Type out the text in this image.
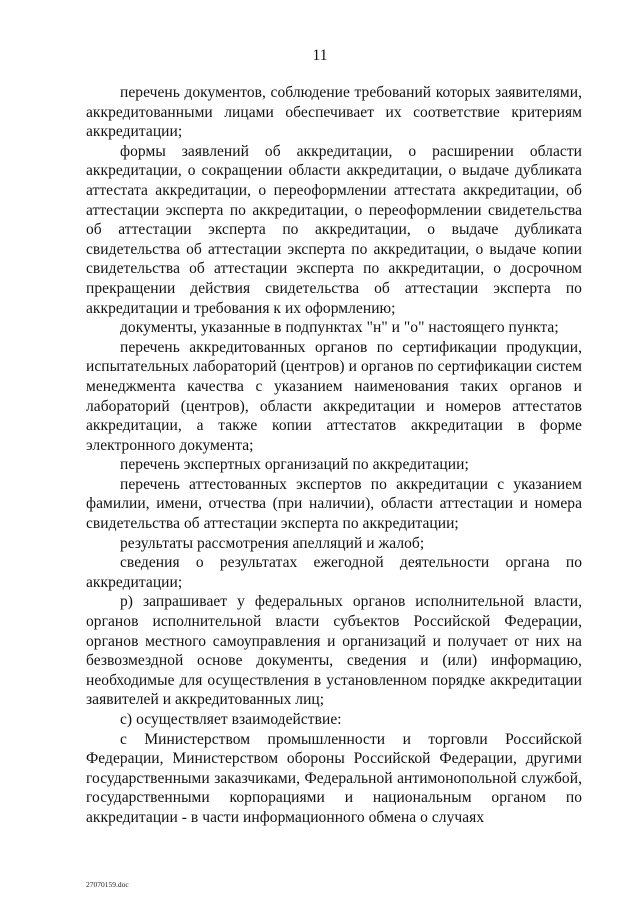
11

перечень документов, соблюдение требований которых заявителями, аккредитованными лицами обеспечивает их соответствие критериям аккредитации;

формы заявлений об аккредитации, о расширении области аккредитации, о сокращении области аккредитации, о выдаче дубликата аттестата аккредитации, о переоформлении аттестата аккредитации, об аттестации эксперта по аккредитации, о переоформлении свидетельства об аттестации эксперта по аккредитации, о выдаче дубликата свидетельства об аттестации эксперта по аккредитации, о выдаче копии свидетельства об аттестации эксперта по аккредитации, о досрочном прекращении действия свидетельства об аттестации эксперта по аккредитации и требования к их оформлению;

документы, указанные в подпунктах "н" и "о" настоящего пункта;

перечень аккредитованных органов по сертификации продукции, испытательных лабораторий (центров) и органов по сертификации систем менеджмента качества с указанием наименования таких органов и лабораторий (центров), области аккредитации и номеров аттестатов аккредитации, а также копии аттестатов аккредитации в форме электронного документа;

перечень экспертных организаций по аккредитации;

перечень аттестованных экспертов по аккредитации с указанием фамилии, имени, отчества (при наличии), области аттестации и номера свидетельства об аттестации эксперта по аккредитации;

результаты рассмотрения апелляций и жалоб;

сведения о результатах ежегодной деятельности органа по аккредитации;

р) запрашивает у федеральных органов исполнительной власти, органов исполнительной власти субъектов Российской Федерации, органов местного самоуправления и организаций и получает от них на безвозмездной основе документы, сведения и (или) информацию, необходимые для осуществления в установленном порядке аккредитации заявителей и аккредитованных лиц;

с) осуществляет взаимодействие:

с Министерством промышленности и торговли Российской Федерации, Министерством обороны Российской Федерации, другими государственными заказчиками, Федеральной антимонопольной службой, государственными корпорациями и национальным органом по аккредитации - в части информационного обмена о случаях

27070159.doc
